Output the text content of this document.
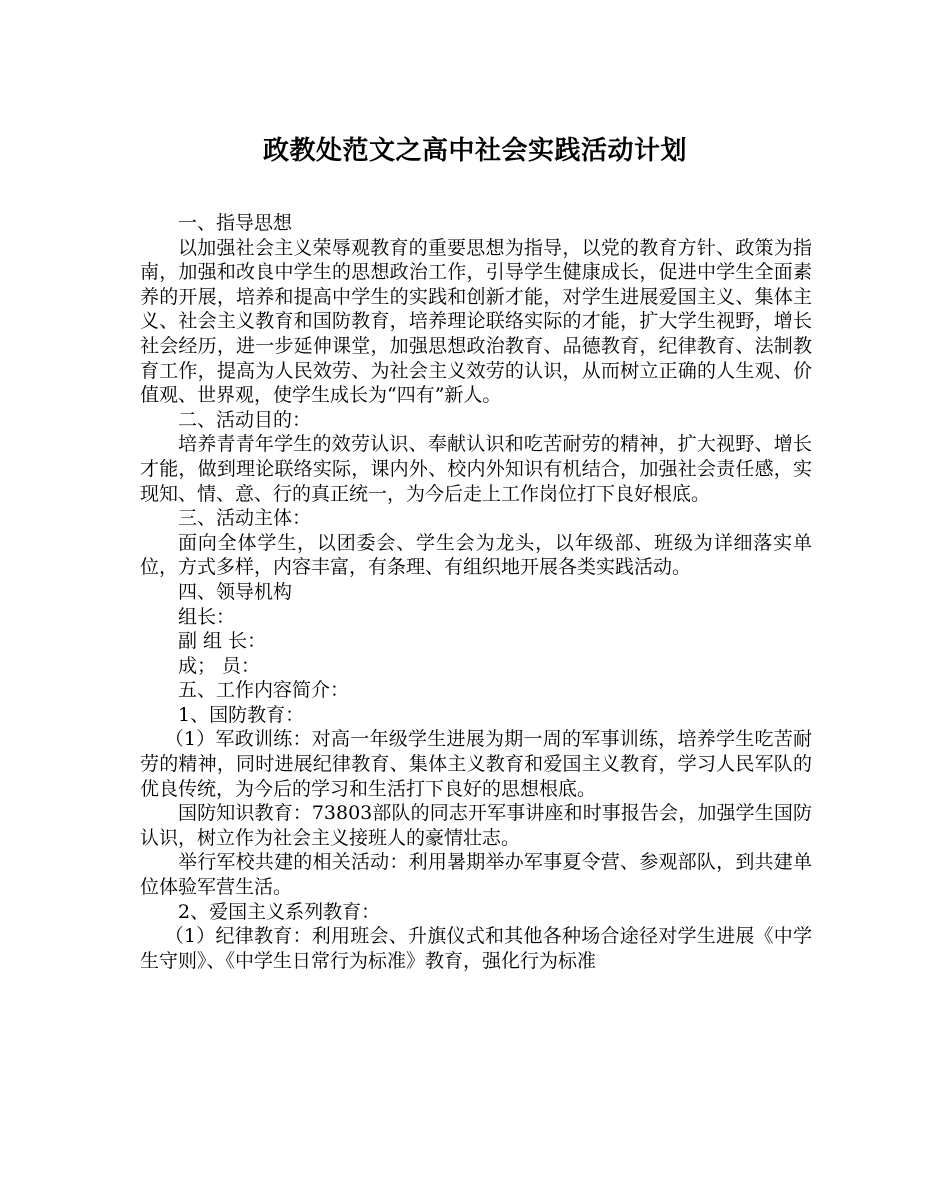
政教处范文之高中社会实践活动计划

一、指导思想

以加强社会主义荣辱观教育的重要思想为指导，以党的教育方针、政策为指南，加强和改良中学生的思想政治工作，引导学生健康成长，促进中学生全面素养的开展，培养和提高中学生的实践和创新才能，对学生进展爱国主义、集体主义、社会主义教育和国防教育，培养理论联络实际的才能，扩大学生视野，增长社会经历，进一步延伸课堂，加强思想政治教育、品德教育，纪律教育、法制教育工作，提高为人民效劳、为社会主义效劳的认识，从而树立正确的人生观、价值观、世界观，使学生成长为“四有”新人。

二、活动目的：

培养青青年学生的效劳认识、奉献认识和吃苦耐劳的精神，扩大视野、增长才能，做到理论联络实际，课内外、校内外知识有机结合，加强社会责任感，实现知、情、意、行的真正统一，为今后走上工作岗位打下良好根底。

三、活动主体：

面向全体学生，以团委会、学生会为龙头，以年级部、班级为详细落实单位，方式多样，内容丰富，有条理、有组织地开展各类实践活动。

四、领导机构

组长：

副 组 长：

成； 员：

五、工作内容简介：

1、国防教育：

（1）军政训练：对高一年级学生进展为期一周的军事训练，培养学生吃苦耐劳的精神，同时进展纪律教育、集体主义教育和爱国主义教育，学习人民军队的优良传统，为今后的学习和生活打下良好的思想根底。

国防知识教育：73803部队的同志开军事讲座和时事报告会，加强学生国防认识，树立作为社会主义接班人的豪情壮志。

举行军校共建的相关活动：利用暑期举办军事夏令营、参观部队，到共建单位体验军营生活。

2、爱国主义系列教育：

（1）纪律教育：利用班会、升旗仪式和其他各种场合途径对学生进展《中学生守则》、《中学生日常行为标准》教育，强化行为标准
